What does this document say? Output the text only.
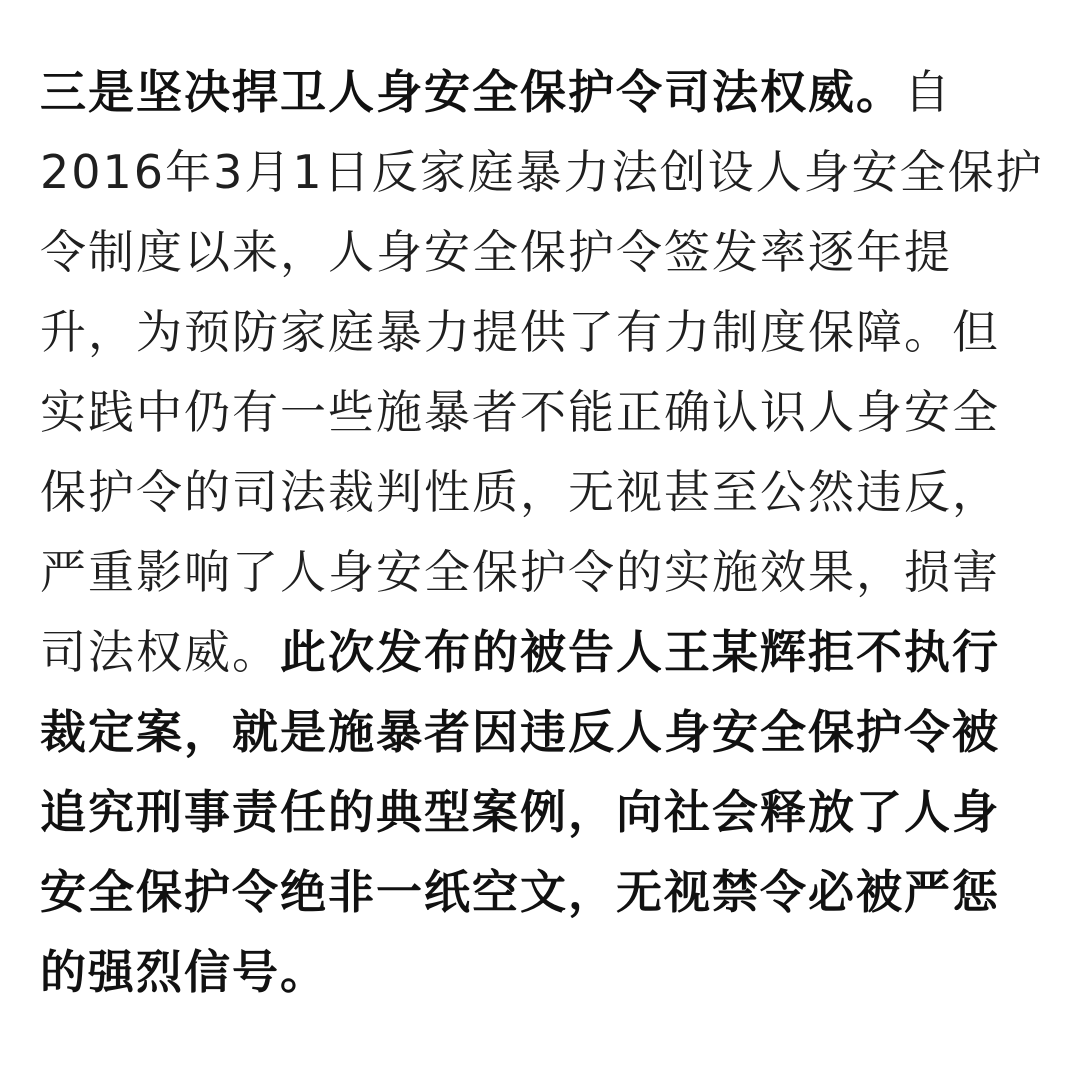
三是坚决捍卫人身安全保护令司法权威。自
2016年3月1日反家庭暴力法创设人身安全保护
令制度以来，人身安全保护令签发率逐年提
升，为预防家庭暴力提供了有力制度保障。但
实践中仍有一些施暴者不能正确认识人身安全
保护令的司法裁判性质，无视甚至公然违反，
严重影响了人身安全保护令的实施效果，损害
司法权威。此次发布的被告人王某辉拒不执行
裁定案，就是施暴者因违反人身安全保护令被
追究刑事责任的典型案例，向社会释放了人身
安全保护令绝非一纸空文，无视禁令必被严惩
的强烈信号。
